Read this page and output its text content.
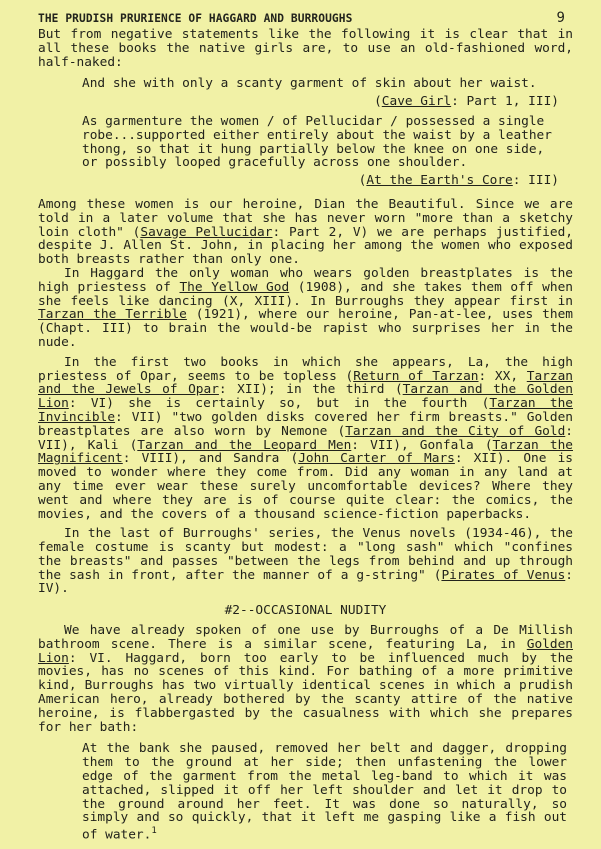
THE PRUDISH PRURIENCE OF HAGGARD AND BURROUGHS	9

But from negative statements like the following it is clear that in all these books the native girls are, to use an old-fashioned word, half-naked:

And she with only a scanty garment of skin about her waist.

(Cave Girl: Part 1, III)

As garmenture the women / of Pellucidar / possessed a single robe...supported either entirely about the waist by a leather thong, so that it hung partially below the knee on one side, or possibly looped gracefully across one shoulder.

(At the Earth's Core: III)

Among these women is our heroine, Dian the Beautiful. Since we are told in a later volume that she has never worn "more than a sketchy loin cloth" (Savage Pellucidar: Part 2, V) we are perhaps justified, despite J. Allen St. John, in placing her among the women who exposed both breasts rather than only one.

In Haggard the only woman who wears golden breastplates is the high priestess of The Yellow God (1908), and she takes them off when she feels like dancing (X, XIII). In Burroughs they appear first in Tarzan the Terrible (1921), where our heroine, Pan-at-lee, uses them (Chapt. III) to brain the would-be rapist who surprises her in the nude.

In the first two books in which she appears, La, the high priestess of Opar, seems to be topless (Return of Tarzan: XX, Tarzan and the Jewels of Opar: XII); in the third (Tarzan and the Golden Lion: VI) she is certainly so, but in the fourth (Tarzan the Invincible: VII) "two golden disks covered her firm breasts." Golden breastplates are also worn by Nemone (Tarzan and the City of Gold: VII), Kali (Tarzan and the Leopard Men: VII), Gonfala (Tarzan the Magnificent: VIII), and Sandra (John Carter of Mars: XII). One is moved to wonder where they come from. Did any woman in any land at any time ever wear these surely uncomfortable devices? Where they went and where they are is of course quite clear: the comics, the movies, and the covers of a thousand science-fiction paperbacks.

In the last of Burroughs' series, the Venus novels (1934-46), the female costume is scanty but modest: a "long sash" which "confines the breasts" and passes "between the legs from behind and up through the sash in front, after the manner of a g-string" (Pirates of Venus: IV).

#2--OCCASIONAL NUDITY

We have already spoken of one use by Burroughs of a De Millish bathroom scene. There is a similar scene, featuring La, in Golden Lion: VI. Haggard, born too early to be influenced much by the movies, has no scenes of this kind. For bathing of a more primitive kind, Burroughs has two virtually identical scenes in which a prudish American hero, already bothered by the scanty attire of the native heroine, is flabbergasted by the casualness with which she prepares for her bath:

At the bank she paused, removed her belt and dagger, dropping them to the ground at her side; then unfastening the lower edge of the garment from the metal leg-band to which it was attached, slipped it off her left shoulder and let it drop to the ground around her feet. It was done so naturally, so simply and so quickly, that it left me gasping like a fish out of water.$^1$
